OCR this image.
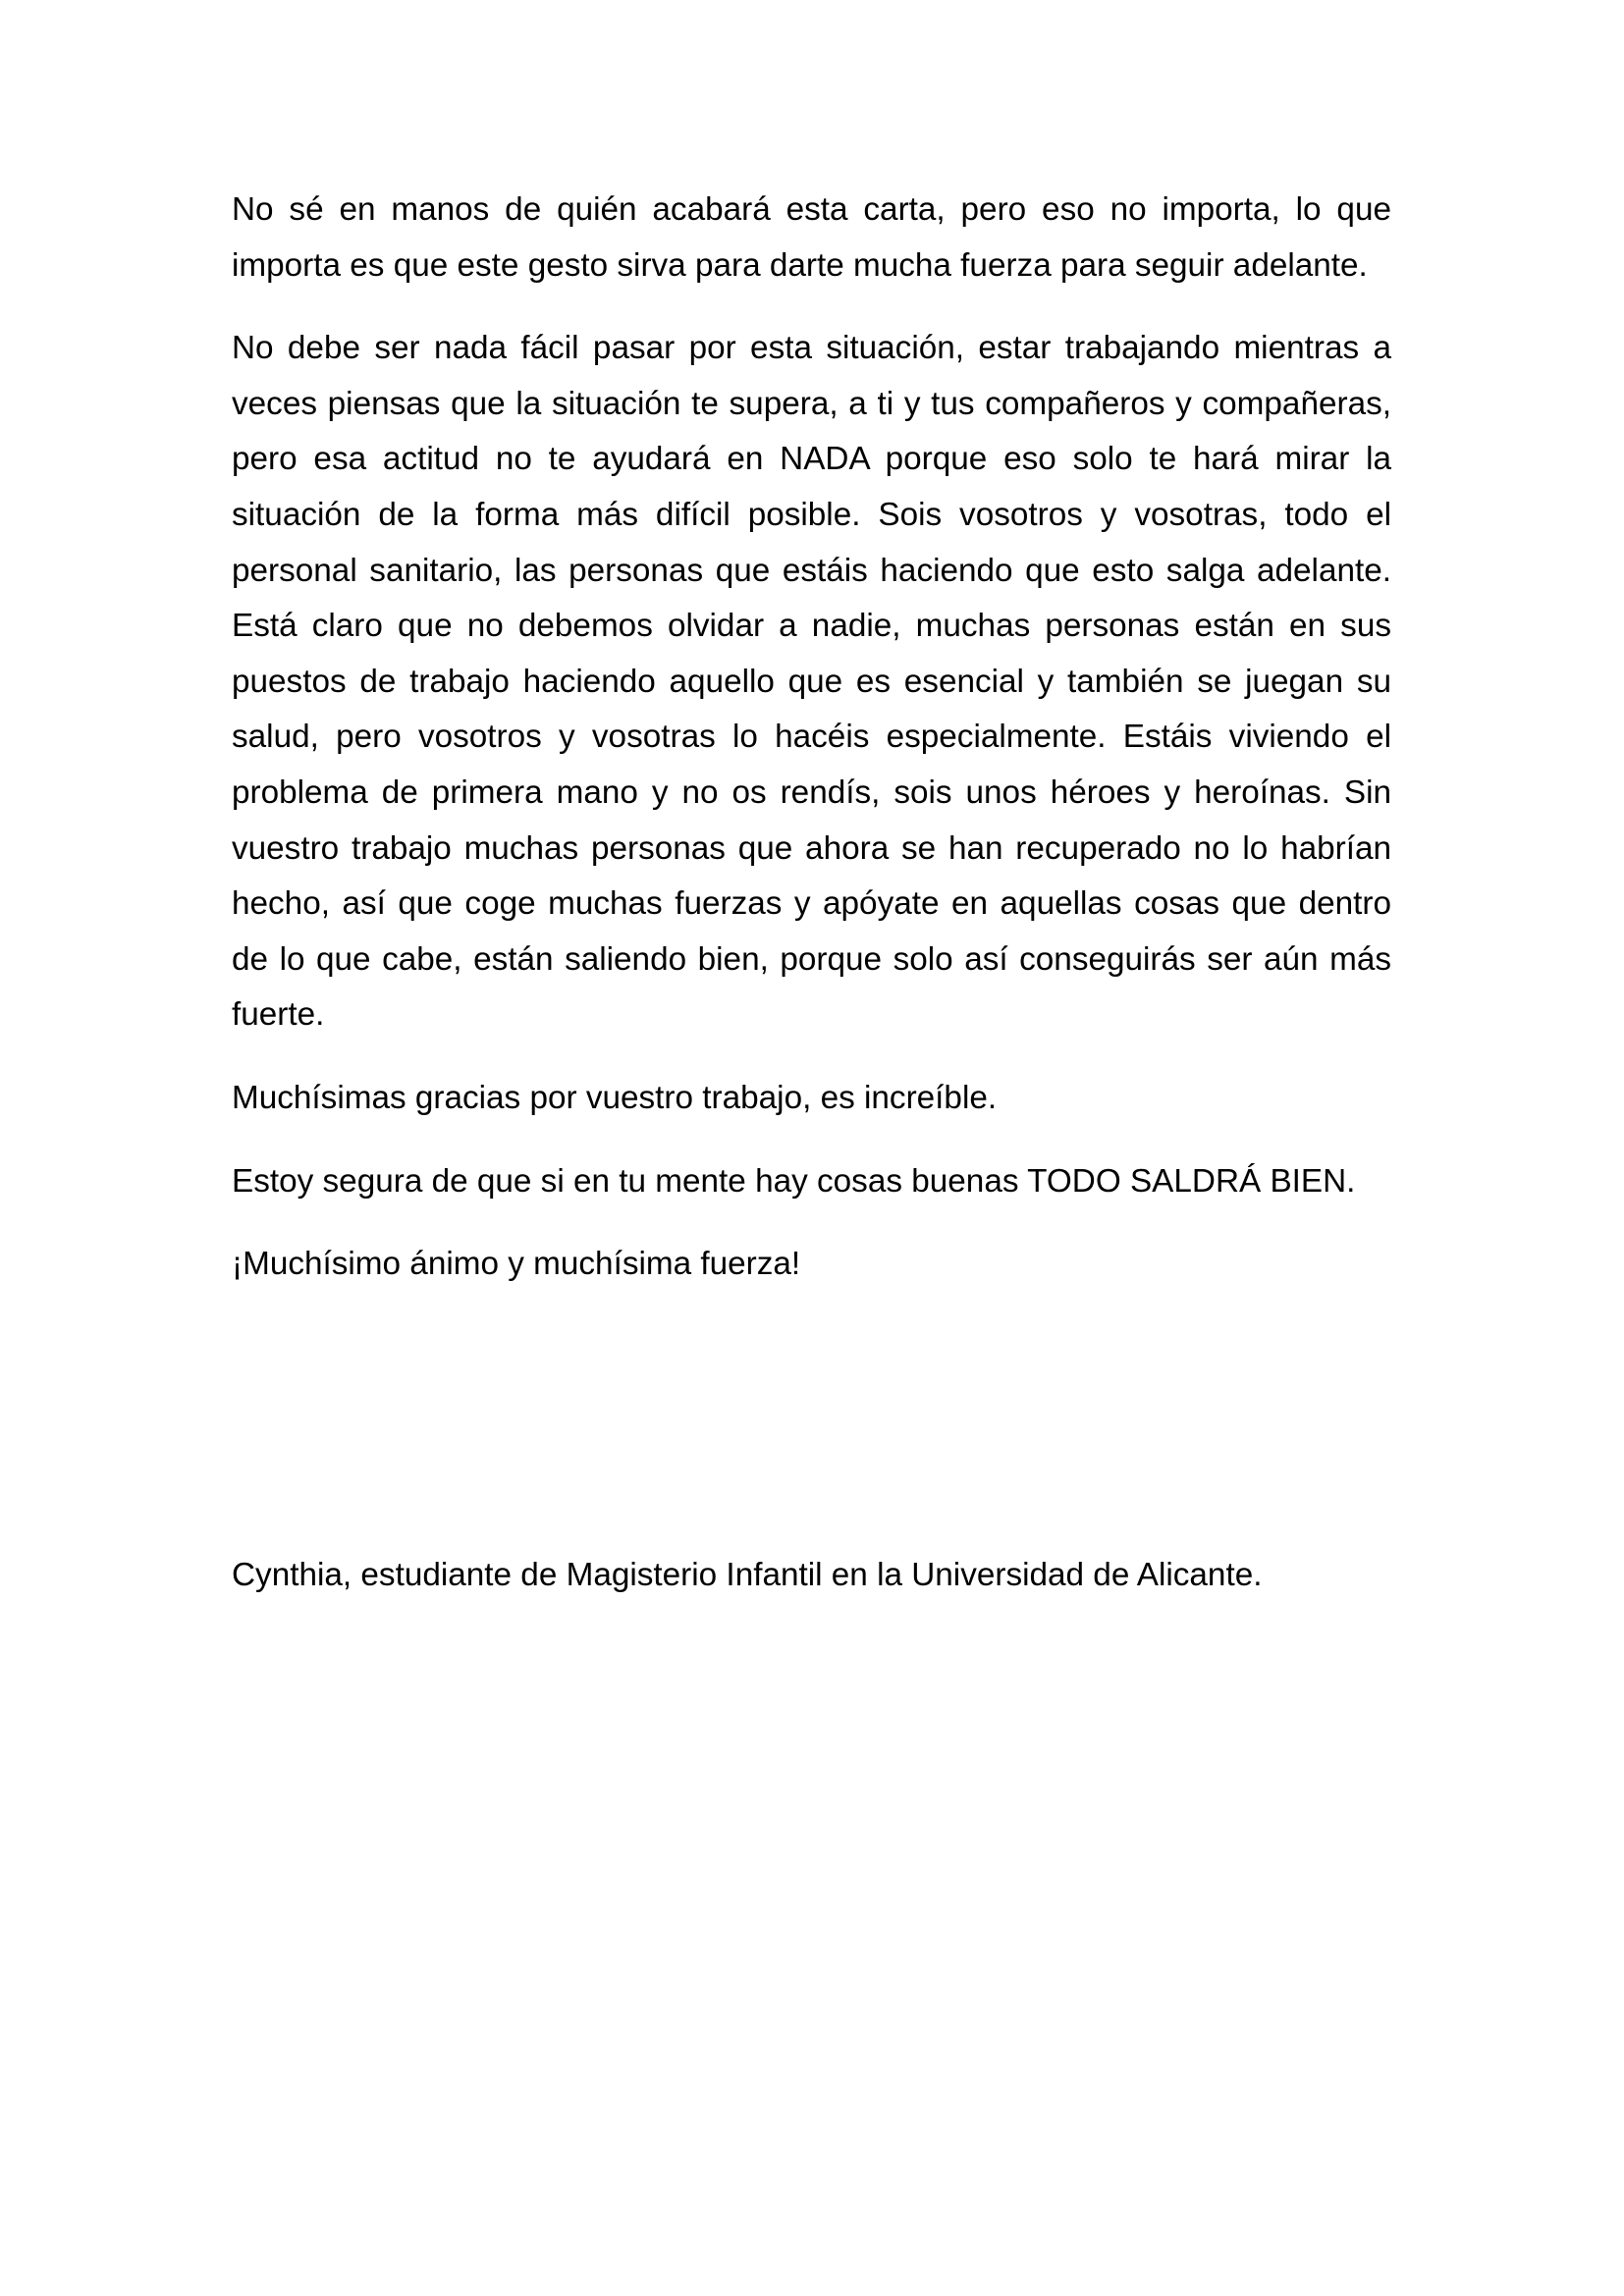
No sé en manos de quién acabará esta carta, pero eso no importa, lo que importa es que este gesto sirva para darte mucha fuerza para seguir adelante.

No debe ser nada fácil pasar por esta situación, estar trabajando mientras a veces piensas que la situación te supera, a ti y tus compañeros y compañeras, pero esa actitud no te ayudará en NADA porque eso solo te hará mirar la situación de la forma más difícil posible. Sois vosotros y vosotras, todo el personal sanitario, las personas que estáis haciendo que esto salga adelante. Está claro que no debemos olvidar a nadie, muchas personas están en sus puestos de trabajo haciendo aquello que es esencial y también se juegan su salud, pero vosotros y vosotras lo hacéis especialmente. Estáis viviendo el problema de primera mano y no os rendís, sois unos héroes y heroínas. Sin vuestro trabajo muchas personas que ahora se han recuperado no lo habrían hecho, así que coge muchas fuerzas y apóyate en aquellas cosas que dentro de lo que cabe, están saliendo bien, porque solo así conseguirás ser aún más fuerte.

Muchísimas gracias por vuestro trabajo, es increíble.

Estoy segura de que si en tu mente hay cosas buenas TODO SALDRÁ BIEN.

¡Muchísimo ánimo y muchísima fuerza!

Cynthia, estudiante de Magisterio Infantil en la Universidad de Alicante.
